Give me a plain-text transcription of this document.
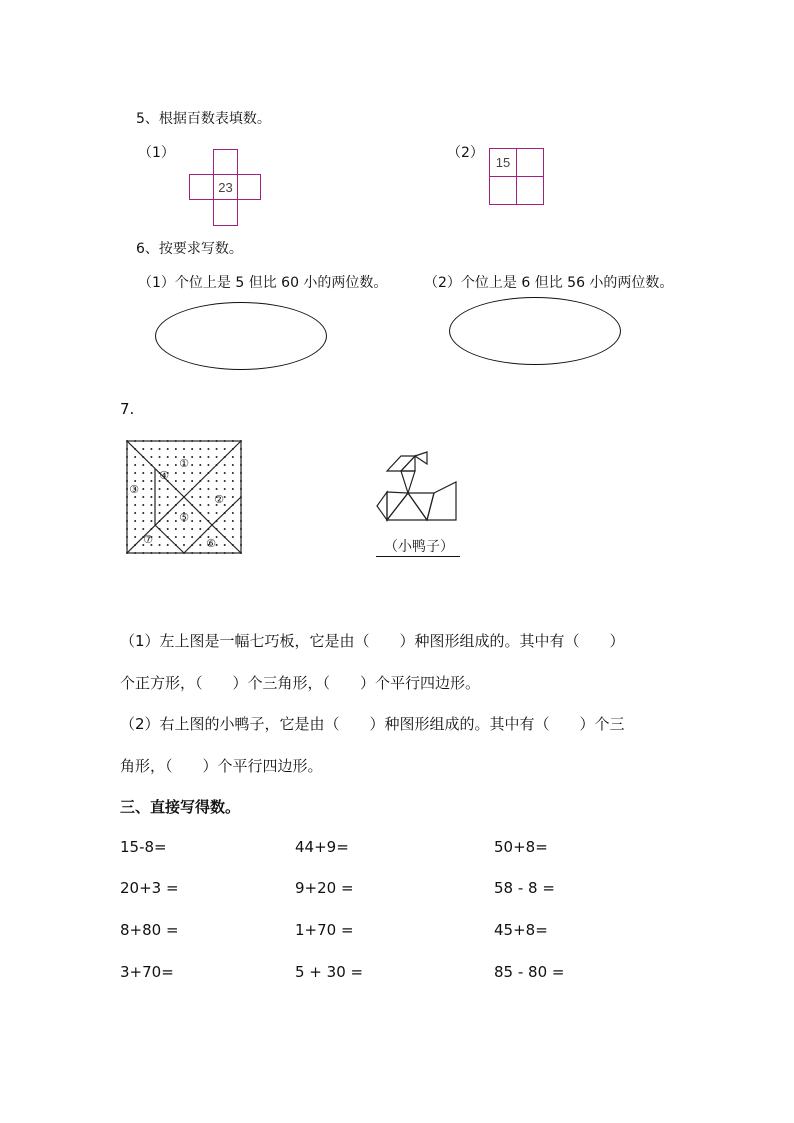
5、根据百数表填数。
（1）
23
（2）
15
6、按要求写数。
（1）个位上是 5 但比 60 小的两位数。	（2）个位上是 6 但比 56 小的两位数。
7.
①
②
③
④
⑤
⑥
⑦	（小鸭子）
（1）左上图是一幅七巧板，它是由（　　）种图形组成的。其中有（　　）
个正方形，（　　）个三角形，（　　）个平行四边形。
（2）右上图的小鸭子，它是由（　　）种图形组成的。其中有（　　）个三
角形，（　　）个平行四边形。
三、直接写得数。
15-8=	44+9=	50+8=
20+3 =	9+20 =	58 - 8 =
8+80 =	1+70 =	45+8=
3+70=	5 + 30 =	85 - 80 =
